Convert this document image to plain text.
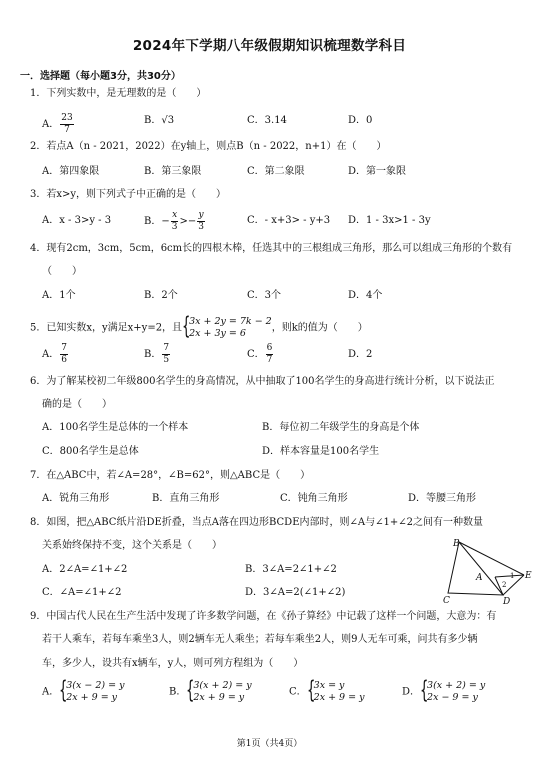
2024年下学期八年级假期知识梳理数学科目
一．选择题（每小题3分，共30分）
1．下列实数中，是无理数的是（　　）
A． $\frac{23}{7}$	B．√3	C．3.14	D．0
2．若点A（n - 2021，2022）在y轴上，则点B（n - 2022，n+1）在（　　）
A．第四象限	B．第三象限	C．第二象限	D．第一象限
3．若x>y，则下列式子中正确的是（　　）
A．x - 3>y - 3	B．− $\frac{x}{3} >- \frac{y}{3}$	C．- x+3> - y+3 D．1 - 3x>1 - 3y
4．现有2cm，3cm，5cm，6cm长的四根木棒，任选其中的三根组成三角形，那么可以组成三角形的个数有
（　　）
A．1个	B．2个	C．3个	D．4个
5．已知实数x，y满足x+y=2，且 {
3x + 2y = 7k − 2
2x + 3y = 6	，则k的值为（　　）
A． $\frac{7}{6}$	B． $\frac{7}{5}$	C． $\frac{6}{7}$	D．2
6．为了解某校初二年级800名学生的身高情况，从中抽取了100名学生的身高进行统计分析，以下说法正
确的是（　　）
A．100名学生是总体的一个样本	B．每位初二年级学生的身高是个体
C．800名学生是总体	D．样本容量是100名学生
7．在△ABC中，若∠A=28°，∠B=62°，则△ABC是（　　）
A．锐角三角形	B．直角三角形	C．钝角三角形	D．等腰三角形
8．如图，把△ABC纸片沿DE折叠，当点A落在四边形BCDE内部时，则∠A与∠1+∠2之间有一种数量
关系始终保持不变，这个关系是（　　）
A．2∠A=∠1+∠2	B．3∠A=2∠1+∠2
C．∠A=∠1+∠2	D．3∠A=2(∠1+∠2)
B
A	E
C	D
1
2
9．中国古代人民在生产生活中发现了许多数学问题，在《孙子算经》中记载了这样一个问题，大意为：有
若干人乘车，若每车乘坐3人，则2辆车无人乘坐；若每车乘坐2人，则9人无车可乘，问共有多少辆
车，多少人，设共有x辆车，y人，则可列方程组为（　　）
A． {
3(x − 2) = y
2x + 9 = y	B． {
3(x + 2) = y
2x + 9 = y	C． {
3x = y
2x + 9 = y	D． {
3(x + 2) = y
2x − 9 = y
第1页（共4页）
